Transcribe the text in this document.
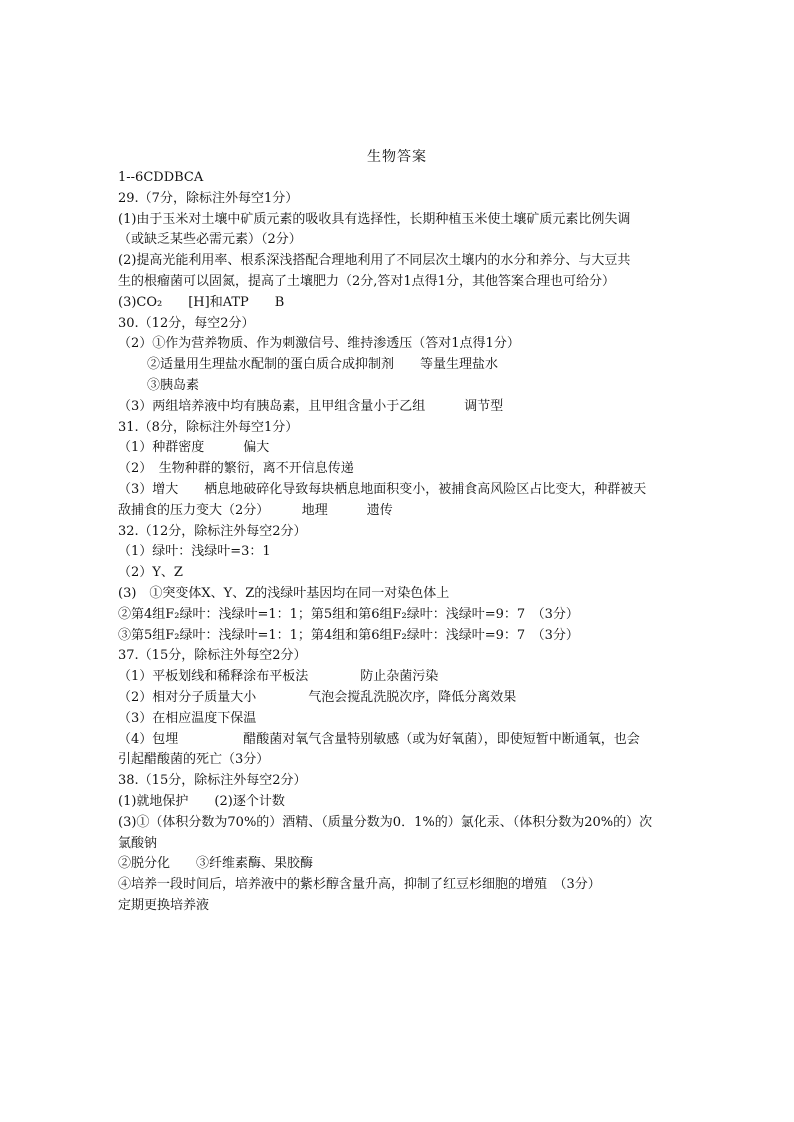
生物答案
1--6CDDBCA
29.（7分，除标注外每空1分）
(1)由于玉米对土壤中矿质元素的吸收具有选择性，长期种植玉米使土壤矿质元素比例失调
（或缺乏某些必需元素）（2分）
(2)提高光能利用率、根系深浅搭配合理地利用了不同层次土壤内的水分和养分、与大豆共
生的根瘤菌可以固氮，提高了土壤肥力（2分,答对1点得1分，其他答案合理也可给分）
(3)CO₂　　[H]和ATP　　B
30.（12分，每空2分）
（2）①作为营养物质、作为刺激信号、维持渗透压（答对1点得1分）
②适量用生理盐水配制的蛋白质合成抑制剂　　等量生理盐水
③胰岛素
（3）两组培养液中均有胰岛素，且甲组含量小于乙组　　　调节型
31.（8分，除标注外每空1分）
（1）种群密度　　　偏大
（2）　生物种群的繁衍，离不开信息传递
（3）增大　　栖息地破碎化导致每块栖息地面积变小，被捕食高风险区占比变大，种群被天
敌捕食的压力变大（2分）　　　地理　　　遗传
32.（12分，除标注外每空2分）
（1）绿叶：浅绿叶=3：1
（2）Y、Z
(3)　①突变体X、Y、Z的浅绿叶基因均在同一对染色体上
②第4组F₂绿叶：浅绿叶=1：1；第5组和第6组F₂绿叶：浅绿叶=9：7　（3分）
③第5组F₂绿叶：浅绿叶=1：1；第4组和第6组F₂绿叶：浅绿叶=9：7　（3分）
37.（15分，除标注外每空2分）
（1）平板划线和稀释涂布平板法　　　　防止杂菌污染
（2）相对分子质量大小　　　　气泡会搅乱洗脱次序，降低分离效果
（3）在相应温度下保温
（4）包埋　　　　　醋酸菌对氧气含量特别敏感（或为好氧菌），即使短暂中断通氧，也会
引起醋酸菌的死亡（3分）
38.（15分，除标注外每空2分）
(1)就地保护　　(2)逐个计数
(3)①（体积分数为70%的）酒精、（质量分数为0．1%的）氯化汞、（体积分数为20%的）次
氯酸钠
②脱分化　　③纤维素酶、果胶酶
④培养一段时间后，培养液中的紫杉醇含量升高，抑制了红豆杉细胞的增殖　（3分）
定期更换培养液
